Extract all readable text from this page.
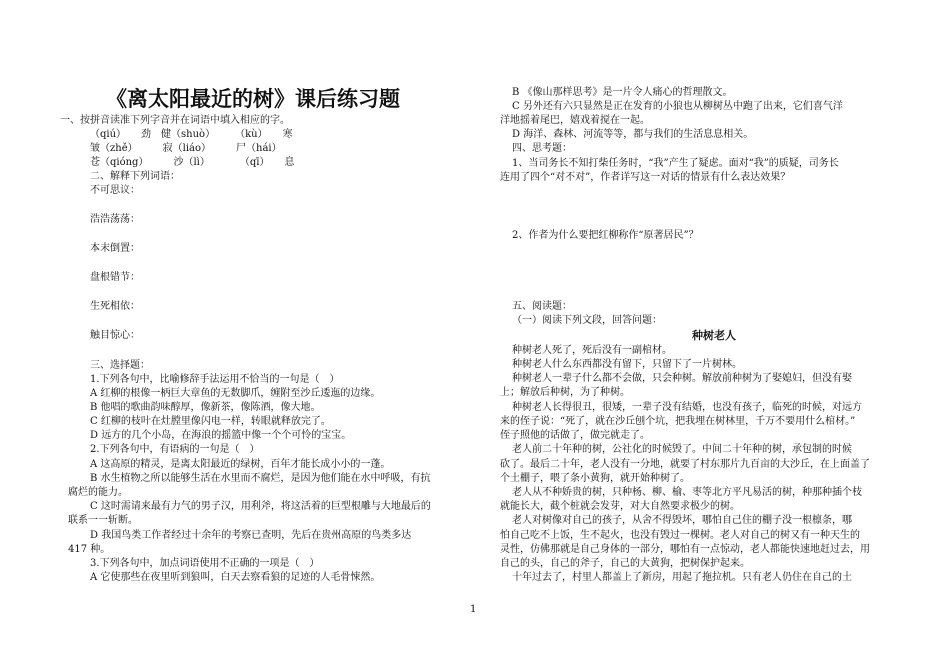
《离太阳最近的树》课后练习题
一、按拼音读准下列字音并在词语中填入相应的字。
（qiú）　　劲　健（shuò）　　　（kù）　　寒
皱（zhě）　　　寂（liáo）　　　尸（hái）
苍（qióng）　　　沙（lì）　　　　（qī）　　息
二、解释下列词语：
不可思议：
浩浩荡荡：
本末倒置：
盘根错节：
生死相依：
触目惊心：
三、选择题：
1.下列各句中，比喻修辞手法运用不恰当的一句是（　）
A 红柳的根像一柄巨大章鱼的无数脚爪，缠附至沙丘逶迤的边缘。
B 他唱的歌曲韵味醇厚，像新茶，像陈酒，像大地。
C 红柳的枝叶在灶膛里像闪电一样，转眼就释放完了。
D 远方的几个小岛，在海浪的摇篮中像一个个可怜的宝宝。
2.下列各句中，有语病的一句是（　）
A 这高原的精灵，是离太阳最近的绿树，百年才能长成小小的一蓬。
B 水生植物之所以能够生活在水里而不腐烂，是因为他们能在水中呼吸，有抗
腐烂的能力。
C 这时需请来最有力气的男子汉，用利斧，将这活着的巨型根雕与大地最后的
联系一一斩断。
D 我国鸟类工作者经过十余年的考察已查明，先后在贵州高原的鸟类多达
417 种。
3.下列各句中，加点词语使用不正确的一项是（　）
A 它使那些在夜里听到狼叫，白天去察看狼的足迹的人毛骨悚然。
B 《像山那样思考》是一片令人痛心的哲理散文。
C 另外还有六只显然是正在发育的小狼也从柳树丛中跑了出来，它们喜气洋
洋地摇着尾巴，嬉戏着搅在一起。
D 海洋、森林、河流等等，都与我们的生活息息相关。
四、思考题：
1、当司务长不知打柴任务时，“我”产生了疑虑。面对“我”的质疑，司务长
连用了四个“对不对”，作者详写这一对话的情景有什么表达效果？
2、作者为什么要把红柳称作“原著居民”？
五、阅读题：
（一）阅读下列文段，回答问题：
种树老人
种树老人死了，死后没有一副棺材。
种树老人什么东西都没有留下，只留下了一片树林。
种树老人一辈子什么都不会做，只会种树。解放前种树为了娶媳妇，但没有娶
上；解放后种树，为了种树。
种树老人长得很丑，很矮，一辈子没有结婚，也没有孩子，临死的时候，对远方
来的侄子说：“死了，就在沙丘刨个坑，把我埋在树林里，千万不要用什么棺材。”
侄子照他的话做了，做完就走了。
老人前二十年种的树，公社化的时候毁了。中间二十年种的树，承包制的时候
砍了。最后二十年，老人没有一分地，就要了村东那片九百亩的大沙丘，在上面盖了
个土棚子，喂了条小黄狗，就开始种树了。
老人从不种娇贵的树，只种杨、柳、榆、枣等北方平凡易活的树，种那种插个枝
就能长大，截个桩就会发芽，对大自然要求极少的树。
老人对树像对自己的孩子，从舍不得毁坏，哪怕自己住的棚子没一根檩条，哪
怕自己吃不上饭，生不起火，也没有毁过一棵树。老人对自己的树又有一种天生的
灵性，仿佛那就是自己身体的一部分，哪怕有一点惊动，老人都能快速地赶过去，用
自己的头，自己的斧子，自己的大黄狗，把树保护起来。
十年过去了，村里人都盖上了新房，用起了拖拉机。只有老人仍住在自己的土
1
